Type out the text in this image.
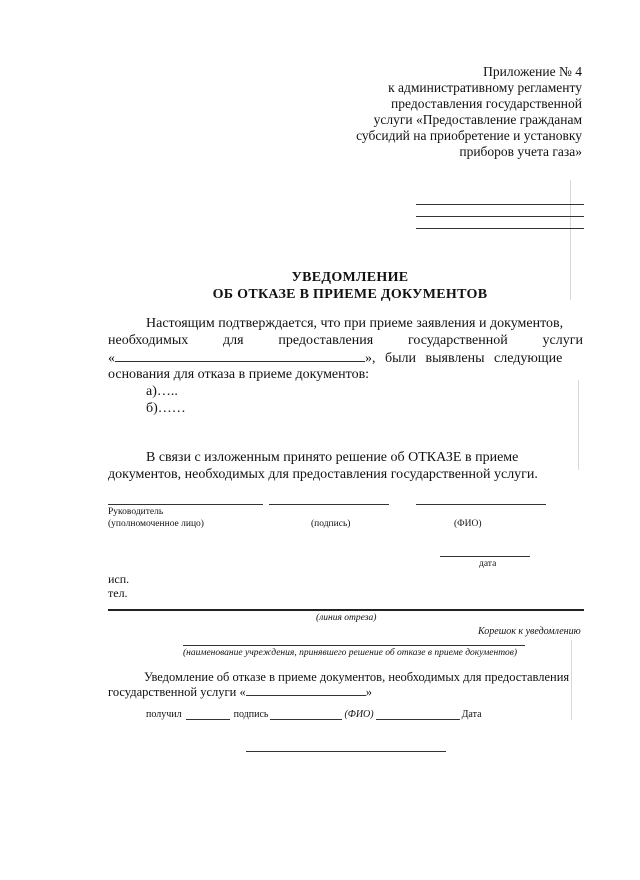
Приложение № 4
к административному регламенту
предоставления государственной
услуги «Предоставление гражданам
субсидий на приобретение и установку
приборов учета газа»
УВЕДОМЛЕНИЕ
ОБ ОТКАЗЕ В ПРИЕМЕ ДОКУМЕНТОВ
Настоящим подтверждается, что при приеме заявления и документов,
необходимых для предоставления государственной услуги
«	», были выявлены следующие
основания для отказа в приеме документов:
а)…..
б)……
В связи с изложенным принято решение об ОТКАЗЕ в приеме
документов, необходимых для предоставления государственной услуги.
Руководитель
(уполномоченное лицо)	(подпись)	(ФИО)
дата
исп.
тел.
(линия отреза)
Корешок к уведомлению
(наименование учреждения, принявшего решение об отказе в приеме документов)
Уведомление об отказе в приеме документов, необходимых для предоставления
государственной услуги «	»
получил	подпись	(ФИО)	Дата
